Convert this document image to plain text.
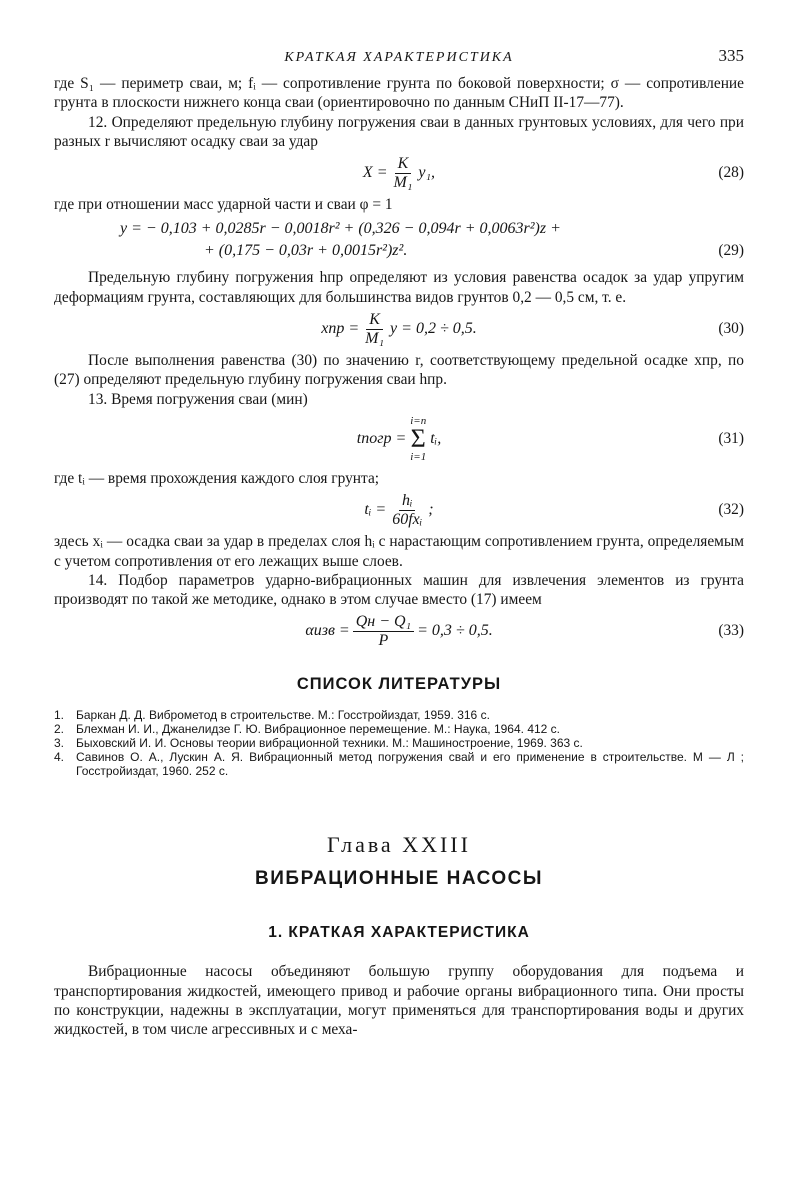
КРАТКАЯ ХАРАКТЕРИСТИКА	335

где S₁ — периметр сваи, м; fᵢ — сопротивление грунта по боковой поверхности; σ — сопротивление грунта в плоскости нижнего конца сваи (ориентировочно по данным СНиП II-17—77).

12. Определяют предельную глубину погружения сваи в данных грунтовых условиях, для чего при разных r вычисляют осадку сваи за удар

$X = \frac{K}{\text{M₁}} y_1$,	(28)

где при отношении масс ударной части и сваи φ = 1

y = − 0,103 + 0,0285r − 0,0018r² + (0,326 − 0,094r + 0,0063r²)z +
+ (0,175 − 0,03r + 0,0015r²)z².	(29)

Предельную глубину погружения hпр определяют из условия равенства осадок за удар упругим деформациям грунта, составляющих для большинства видов грунтов 0,2 — 0,5 см, т. е.

xпр = $\frac{K}{\text{M₁}}$ y = 0,2 ÷ 0,5.	(30)

После выполнения равенства (30) по значению r, соответствующему предельной осадке xпр, по (27) определяют предельную глубину погружения сваи hпр.

13. Время погружения сваи (мин)

tпогр =
i=n
Σ
i=1
tᵢ,	(31)

где tᵢ — время прохождения каждого слоя грунта;

tᵢ = $\frac{\text{hᵢ}}{\text{60fxᵢ}}$ ;	(32)

здесь xᵢ — осадка сваи за удар в пределах слоя hᵢ с нарастающим сопротивлением грунта, определяемым с учетом сопротивления от его лежащих выше слоев.

14. Подбор параметров ударно-вибрационных машин для извлечения элементов из грунта производят по такой же методике, однако в этом случае вместо (17) имеем

$\alpha изв = \frac{\text{Qн − Q₁}}{P} = 0,3 \div 0,5$.	(33)
СПИСОК ЛИТЕРАТУРЫ
1. Баркан Д. Д. Виброметод в строительстве. М.: Госстройиздат, 1959. 316 с.
2. Блехман И. И., Джанелидзе Г. Ю. Вибрационное перемещение. М.: Наука, 1964. 412 с.
3. Быховский И. И. Основы теории вибрационной техники. М.: Машиностроение, 1969. 363 с.
4. Савинов О. А., Лускин А. Я. Вибрационный метод погружения свай и его применение в строительстве. М — Л ; Госстройиздат, 1960. 252 с.
Глава XXIII
ВИБРАЦИОННЫЕ НАСОСЫ
1. КРАТКАЯ ХАРАКТЕРИСТИКА

Вибрационные насосы объединяют большую группу оборудования для подъема и транспортирования жидкостей, имеющего привод и рабочие органы вибрационного типа. Они просты по конструкции, надежны в эксплуатации, могут применяться для транспортирования воды и других жидкостей, в том числе агрессивных и с меха-
